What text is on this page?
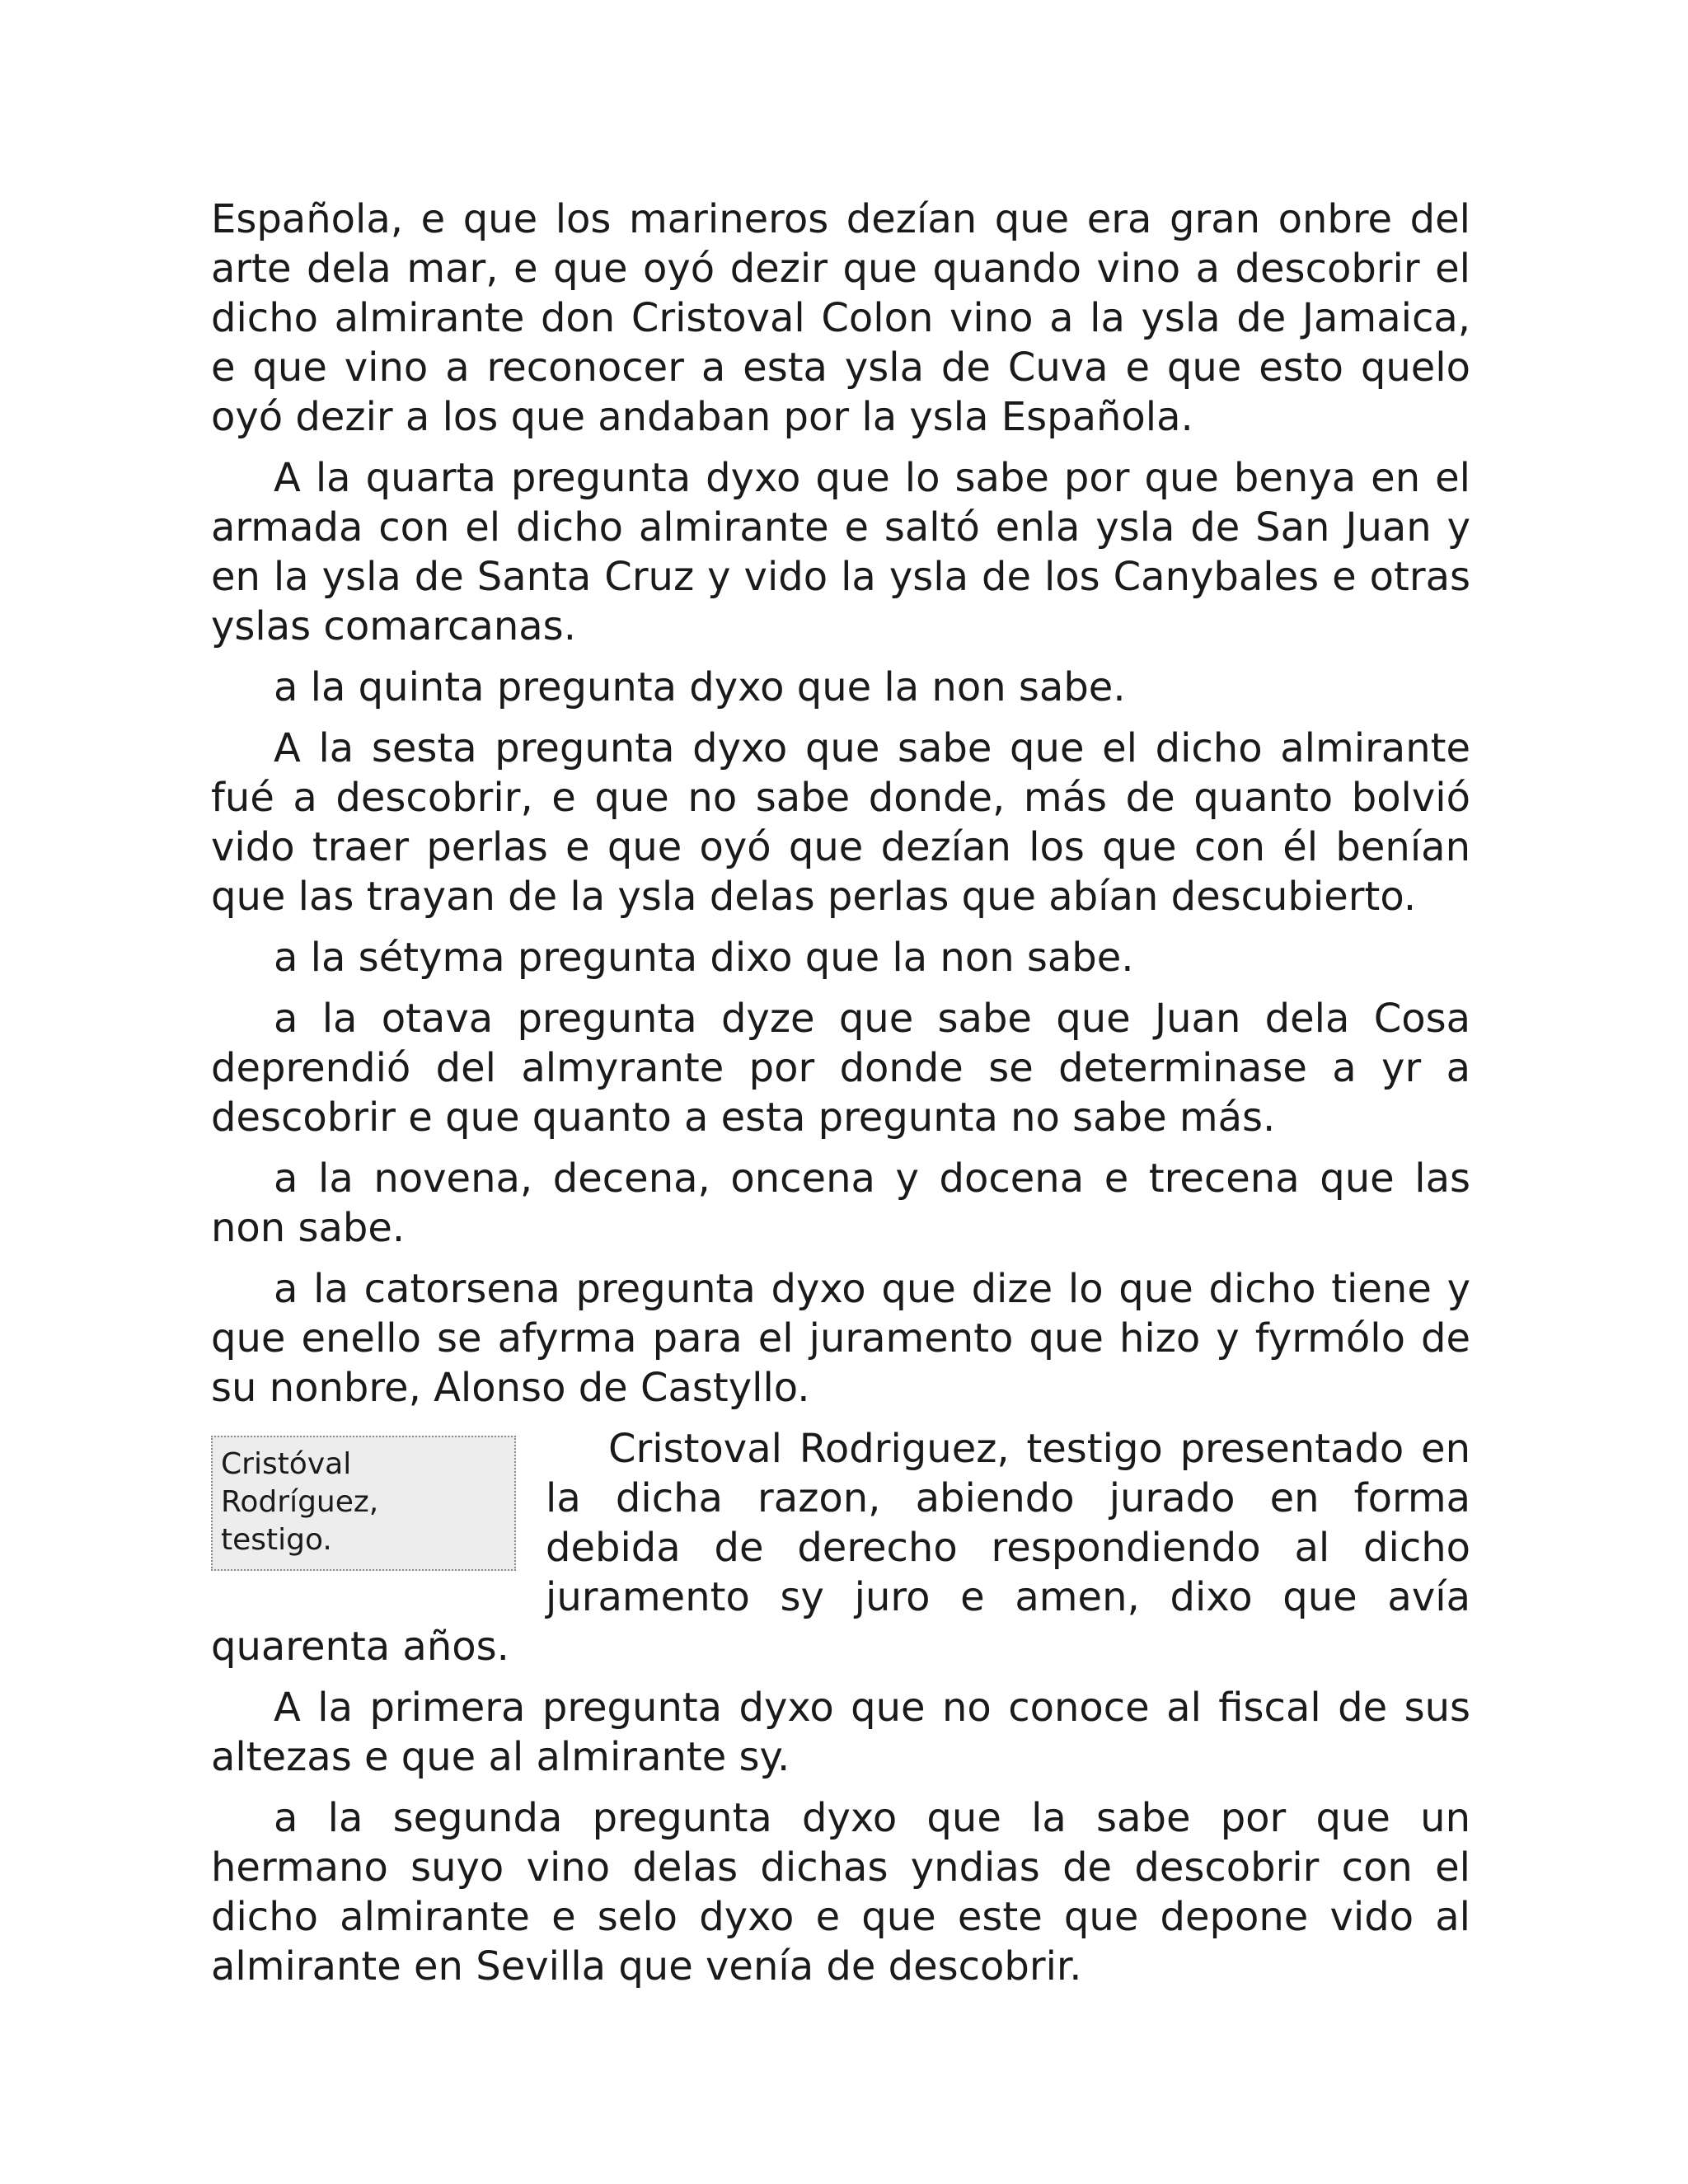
Española, e que los marineros dezían que era gran onbre del arte dela mar, e que oyó dezir que quando vino a descobrir el dicho almirante don Cristoval Colon vino a la ysla de Jamaica, e que vino a reconocer a esta ysla de Cuva e que esto quelo oyó dezir a los que andaban por la ysla Española.

A la quarta pregunta dyxo que lo sabe por que benya en el armada con el dicho almirante e saltó enla ysla de San Juan y en la ysla de Santa Cruz y vido la ysla de los Canybales e otras yslas comarcanas.

a la quinta pregunta dyxo que la non sabe.

A la sesta pregunta dyxo que sabe que el dicho almirante fué a descobrir, e que no sabe donde, más de quanto bolvió vido traer perlas e que oyó que dezían los que con él benían que las trayan de la ysla delas perlas que abían descubierto.

a la sétyma pregunta dixo que la non sabe.

a la otava pregunta dyze que sabe que Juan dela Cosa deprendió del almyrante por donde se determinase a yr a descobrir e que quanto a esta pregunta no sabe más.

a la novena, decena, oncena y docena e trecena que las non sabe.

a la catorsena pregunta dyxo que dize lo que dicho tiene y que enello se afyrma para el juramento que hizo y fyrmólo de su nonbre, Alonso de Castyllo.

Cristóval Rodríguez,
testigo.

Cristoval Rodriguez, testigo presentado en la dicha razon, abiendo jurado en forma debida de derecho respondiendo al dicho juramento sy juro e amen, dixo que avía quarenta años.

A la primera pregunta dyxo que no conoce al fiscal de sus altezas e que al almirante sy.

a la segunda pregunta dyxo que la sabe por que un hermano suyo vino delas dichas yndias de descobrir con el dicho almirante e selo dyxo e que este que depone vido al almirante en Sevilla que venía de descobrir.
